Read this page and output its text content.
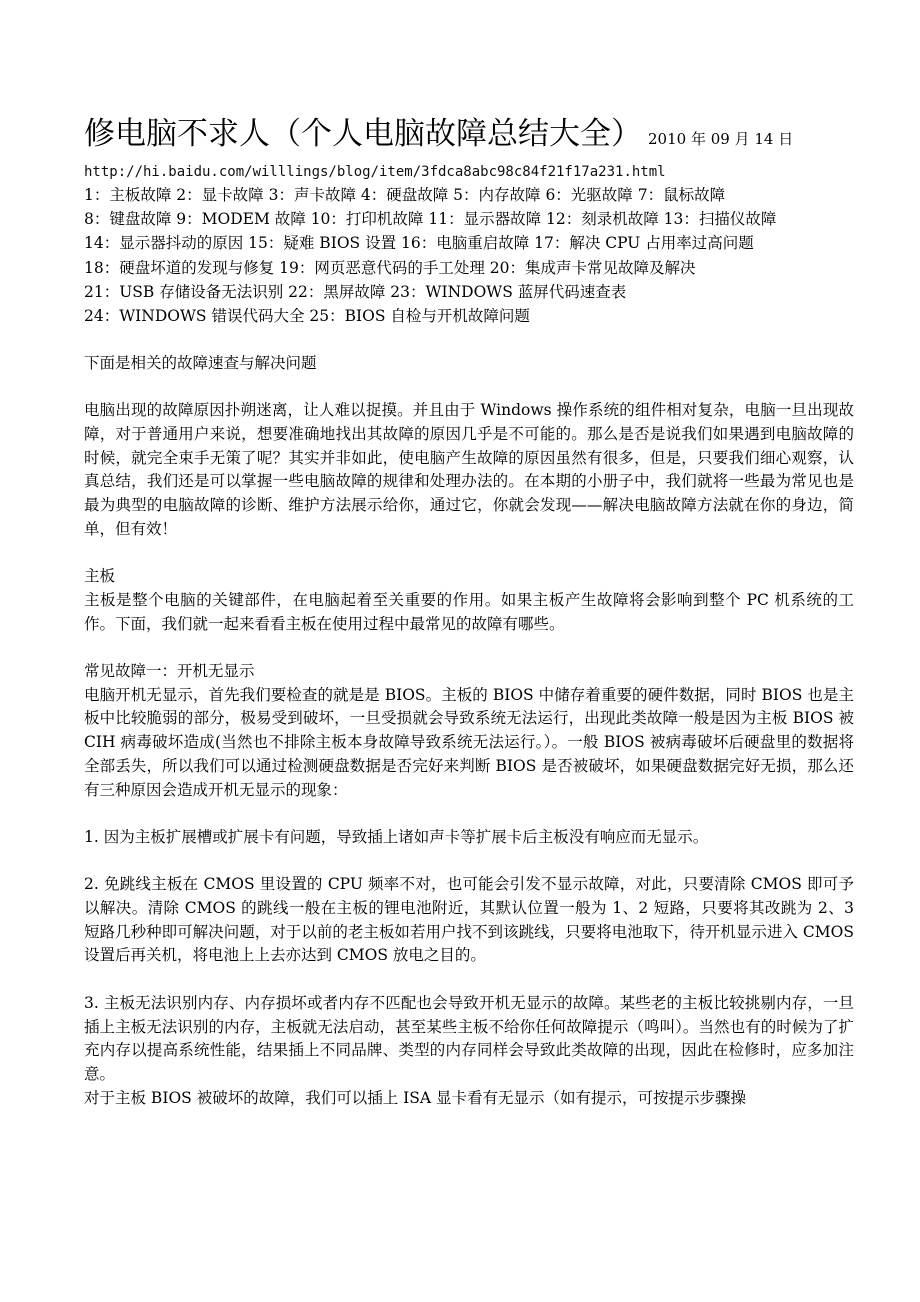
修电脑不求人（个人电脑故障总结大全） 2010 年 09 月 14 日
http://hi.baidu.com/willlings/blog/item/3fdca8abc98c84f21f17a231.html
1：主板故障 2：显卡故障 3：声卡故障 4：硬盘故障 5：内存故障 6：光驱故障 7：鼠标故障
8：键盘故障 9：MODEM 故障 10：打印机故障 11：显示器故障 12：刻录机故障 13：扫描仪故障
14：显示器抖动的原因 15：疑难 BIOS 设置 16：电脑重启故障 17：解决 CPU 占用率过高问题
18：硬盘坏道的发现与修复 19：网页恶意代码的手工处理 20：集成声卡常见故障及解决
21：USB 存储设备无法识别 22：黑屏故障 23：WINDOWS 蓝屏代码速查表
24：WINDOWS 错误代码大全 25：BIOS 自检与开机故障问题
下面是相关的故障速查与解决问题
电脑出现的故障原因扑朔迷离，让人难以捉摸。并且由于 Windows 操作系统的组件相对复杂，电脑一旦出现故障，对于普通用户来说，想要准确地找出其故障的原因几乎是不可能的。那么是否是说我们如果遇到电脑故障的时候，就完全束手无策了呢？其实并非如此，使电脑产生故障的原因虽然有很多，但是，只要我们细心观察，认真总结，我们还是可以掌握一些电脑故障的规律和处理办法的。在本期的小册子中，我们就将一些最为常见也是最为典型的电脑故障的诊断、维护方法展示给你，通过它，你就会发现——解决电脑故障方法就在你的身边，简单，但有效！
主板
主板是整个电脑的关键部件，在电脑起着至关重要的作用。如果主板产生故障将会影响到整个 PC 机系统的工作。下面，我们就一起来看看主板在使用过程中最常见的故障有哪些。
常见故障一：开机无显示
电脑开机无显示，首先我们要检查的就是是 BIOS。主板的 BIOS 中储存着重要的硬件数据，同时 BIOS 也是主板中比较脆弱的部分，极易受到破坏，一旦受损就会导致系统无法运行，出现此类故障一般是因为主板 BIOS 被 CIH 病毒破坏造成(当然也不排除主板本身故障导致系统无法运行。）。一般 BIOS 被病毒破坏后硬盘里的数据将全部丢失，所以我们可以通过检测硬盘数据是否完好来判断 BIOS 是否被破坏，如果硬盘数据完好无损，那么还有三种原因会造成开机无显示的现象：
1. 因为主板扩展槽或扩展卡有问题，导致插上诸如声卡等扩展卡后主板没有响应而无显示。
2. 免跳线主板在 CMOS 里设置的 CPU 频率不对，也可能会引发不显示故障，对此，只要清除 CMOS 即可予以解决。清除 CMOS 的跳线一般在主板的锂电池附近，其默认位置一般为 1、2 短路，只要将其改跳为 2、3 短路几秒种即可解决问题，对于以前的老主板如若用户找不到该跳线，只要将电池取下，待开机显示进入 CMOS 设置后再关机，将电池上上去亦达到 CMOS 放电之目的。
3. 主板无法识别内存、内存损坏或者内存不匹配也会导致开机无显示的故障。某些老的主板比较挑剔内存，一旦插上主板无法识别的内存，主板就无法启动，甚至某些主板不给你任何故障提示（鸣叫）。当然也有的时候为了扩充内存以提高系统性能，结果插上不同品牌、类型的内存同样会导致此类故障的出现，因此在检修时，应多加注意。
对于主板 BIOS 被破坏的故障，我们可以插上 ISA 显卡看有无显示（如有提示，可按提示步骤操
